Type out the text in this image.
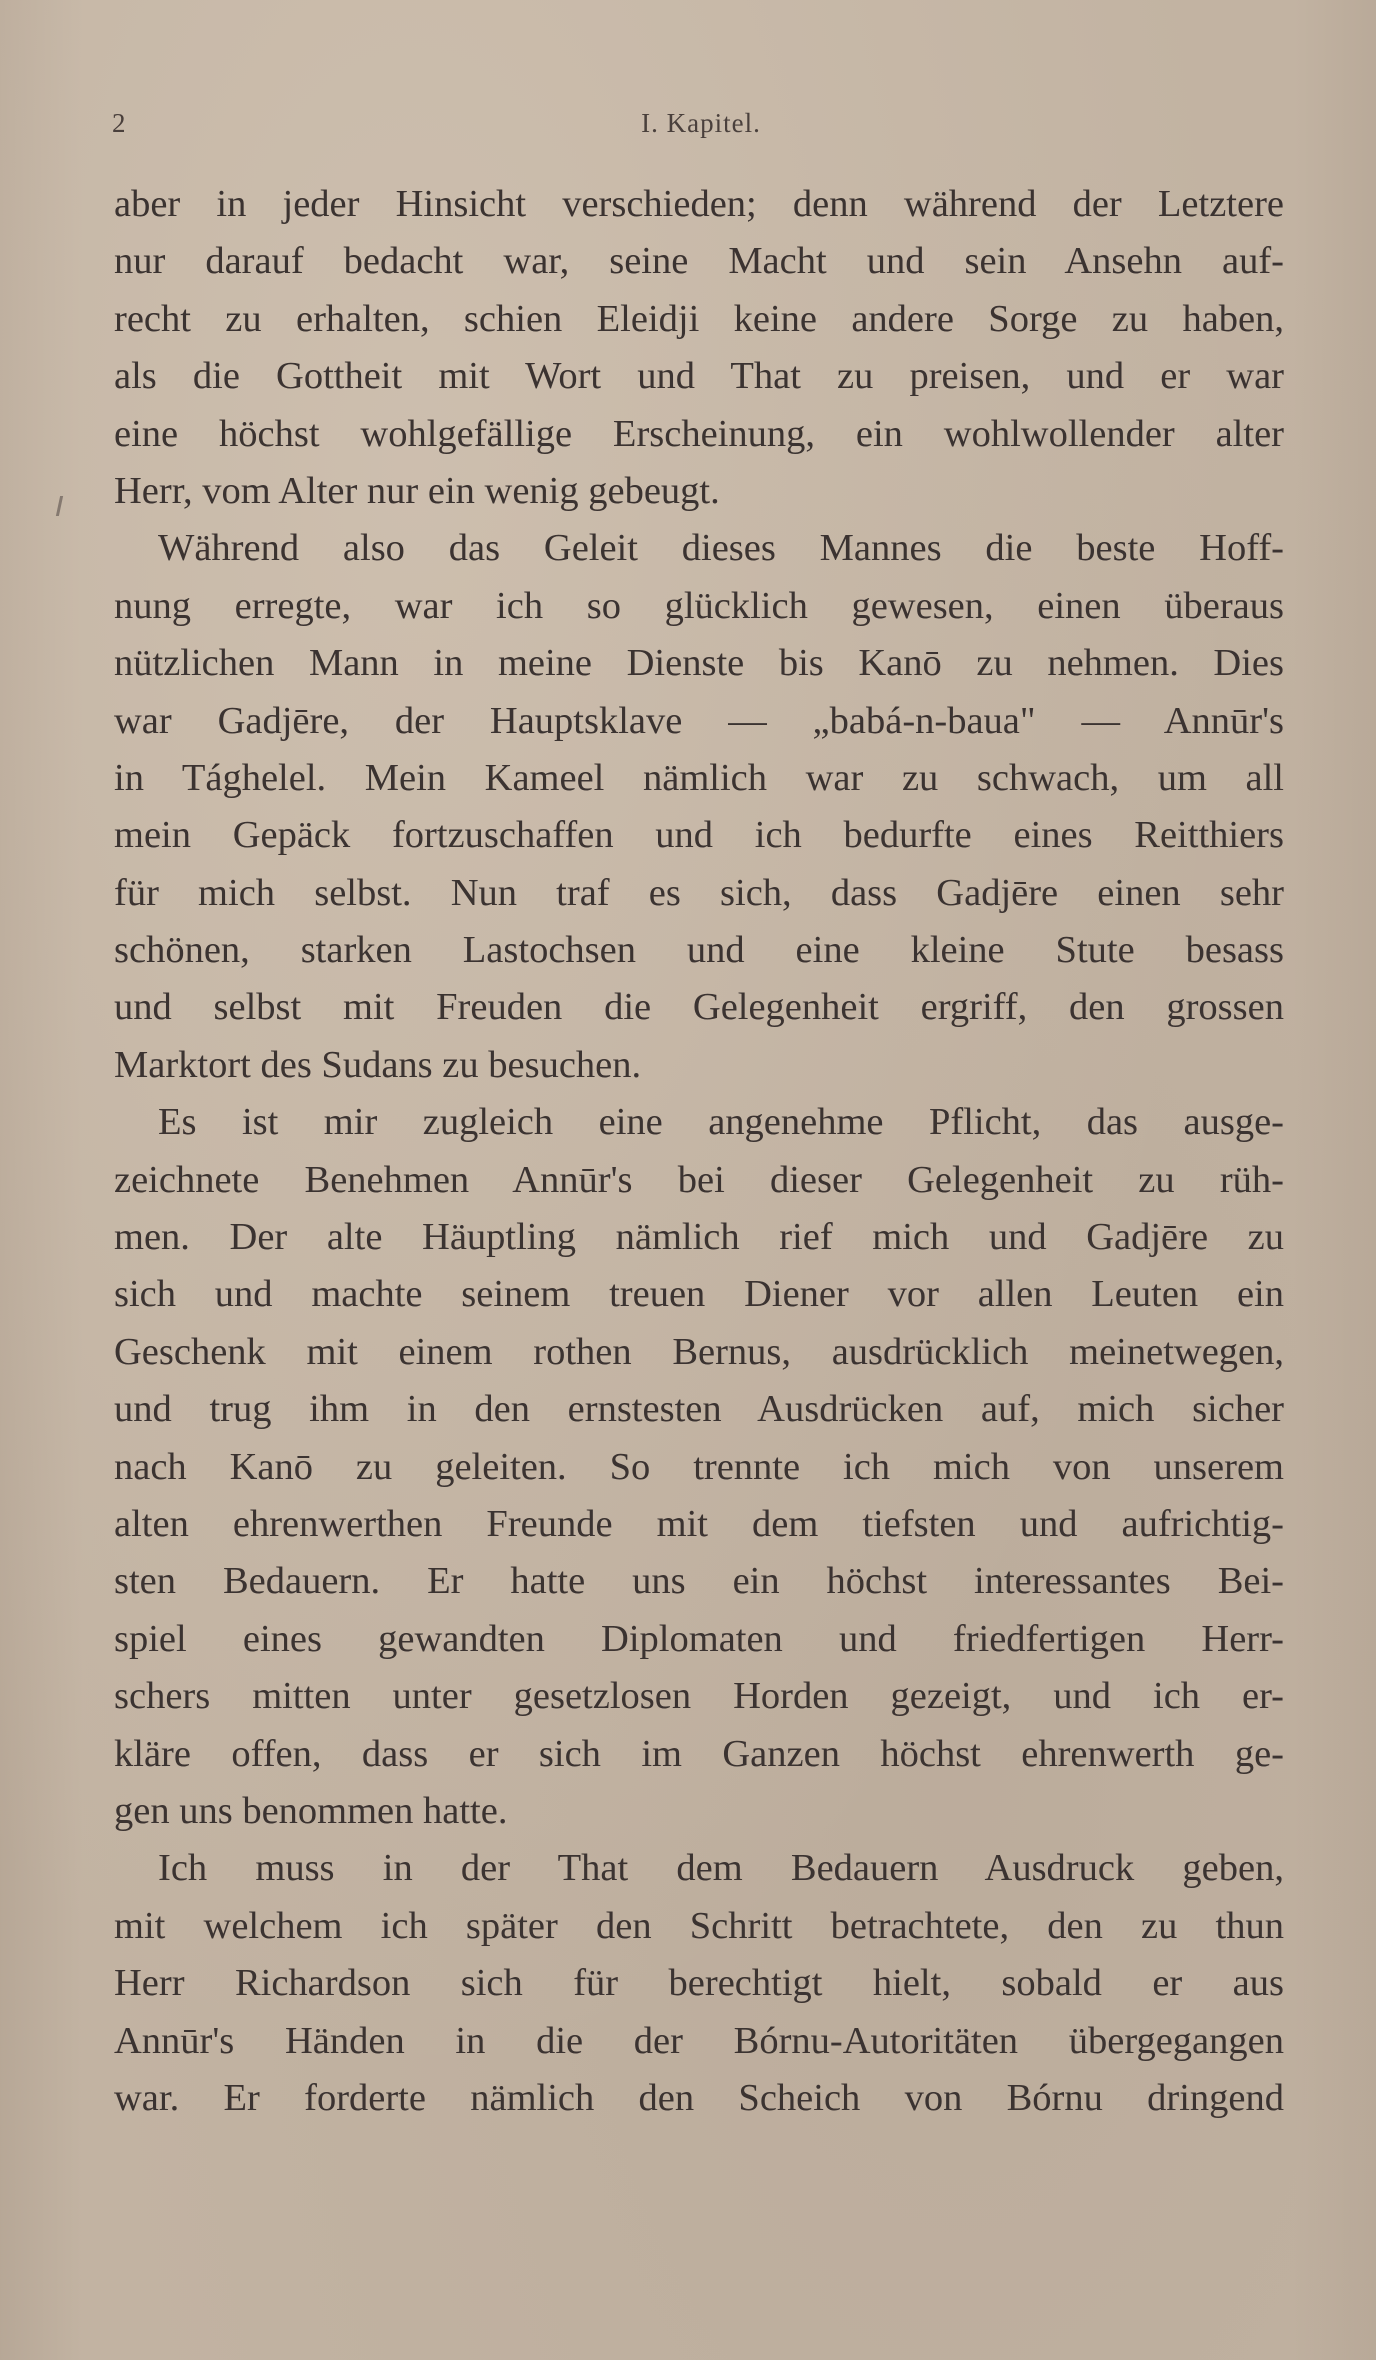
2	I. Kapitel.
aber in jeder Hinsicht verschieden; denn während der Letztere
nur darauf bedacht war, seine Macht und sein Ansehn auf-
recht zu erhalten, schien Eleidji keine andere Sorge zu haben,
als die Gottheit mit Wort und That zu preisen, und er war
eine höchst wohlgefällige Erscheinung, ein wohlwollender alter
Herr, vom Alter nur ein wenig gebeugt.
Während also das Geleit dieses Mannes die beste Hoff-
nung erregte, war ich so glücklich gewesen, einen überaus
nützlichen Mann in meine Dienste bis Kanō zu nehmen. Dies
war Gadjēre, der Hauptsklave — „babá-n-baua" — Annūr's
in Tághelel. Mein Kameel nämlich war zu schwach, um all
mein Gepäck fortzuschaffen und ich bedurfte eines Reitthiers
für mich selbst. Nun traf es sich, dass Gadjēre einen sehr
schönen, starken Lastochsen und eine kleine Stute besass
und selbst mit Freuden die Gelegenheit ergriff, den grossen
Marktort des Sudans zu besuchen.
Es ist mir zugleich eine angenehme Pflicht, das ausge-
zeichnete Benehmen Annūr's bei dieser Gelegenheit zu rüh-
men. Der alte Häuptling nämlich rief mich und Gadjēre zu
sich und machte seinem treuen Diener vor allen Leuten ein
Geschenk mit einem rothen Bernus, ausdrücklich meinetwegen,
und trug ihm in den ernstesten Ausdrücken auf, mich sicher
nach Kanō zu geleiten. So trennte ich mich von unserem
alten ehrenwerthen Freunde mit dem tiefsten und aufrichtig-
sten Bedauern. Er hatte uns ein höchst interessantes Bei-
spiel eines gewandten Diplomaten und friedfertigen Herr-
schers mitten unter gesetzlosen Horden gezeigt, und ich er-
kläre offen, dass er sich im Ganzen höchst ehrenwerth ge-
gen uns benommen hatte.
Ich muss in der That dem Bedauern Ausdruck geben,
mit welchem ich später den Schritt betrachtete, den zu thun
Herr Richardson sich für berechtigt hielt, sobald er aus
Annūr's Händen in die der Bórnu-Autoritäten übergegangen
war. Er forderte nämlich den Scheich von Bórnu dringend
